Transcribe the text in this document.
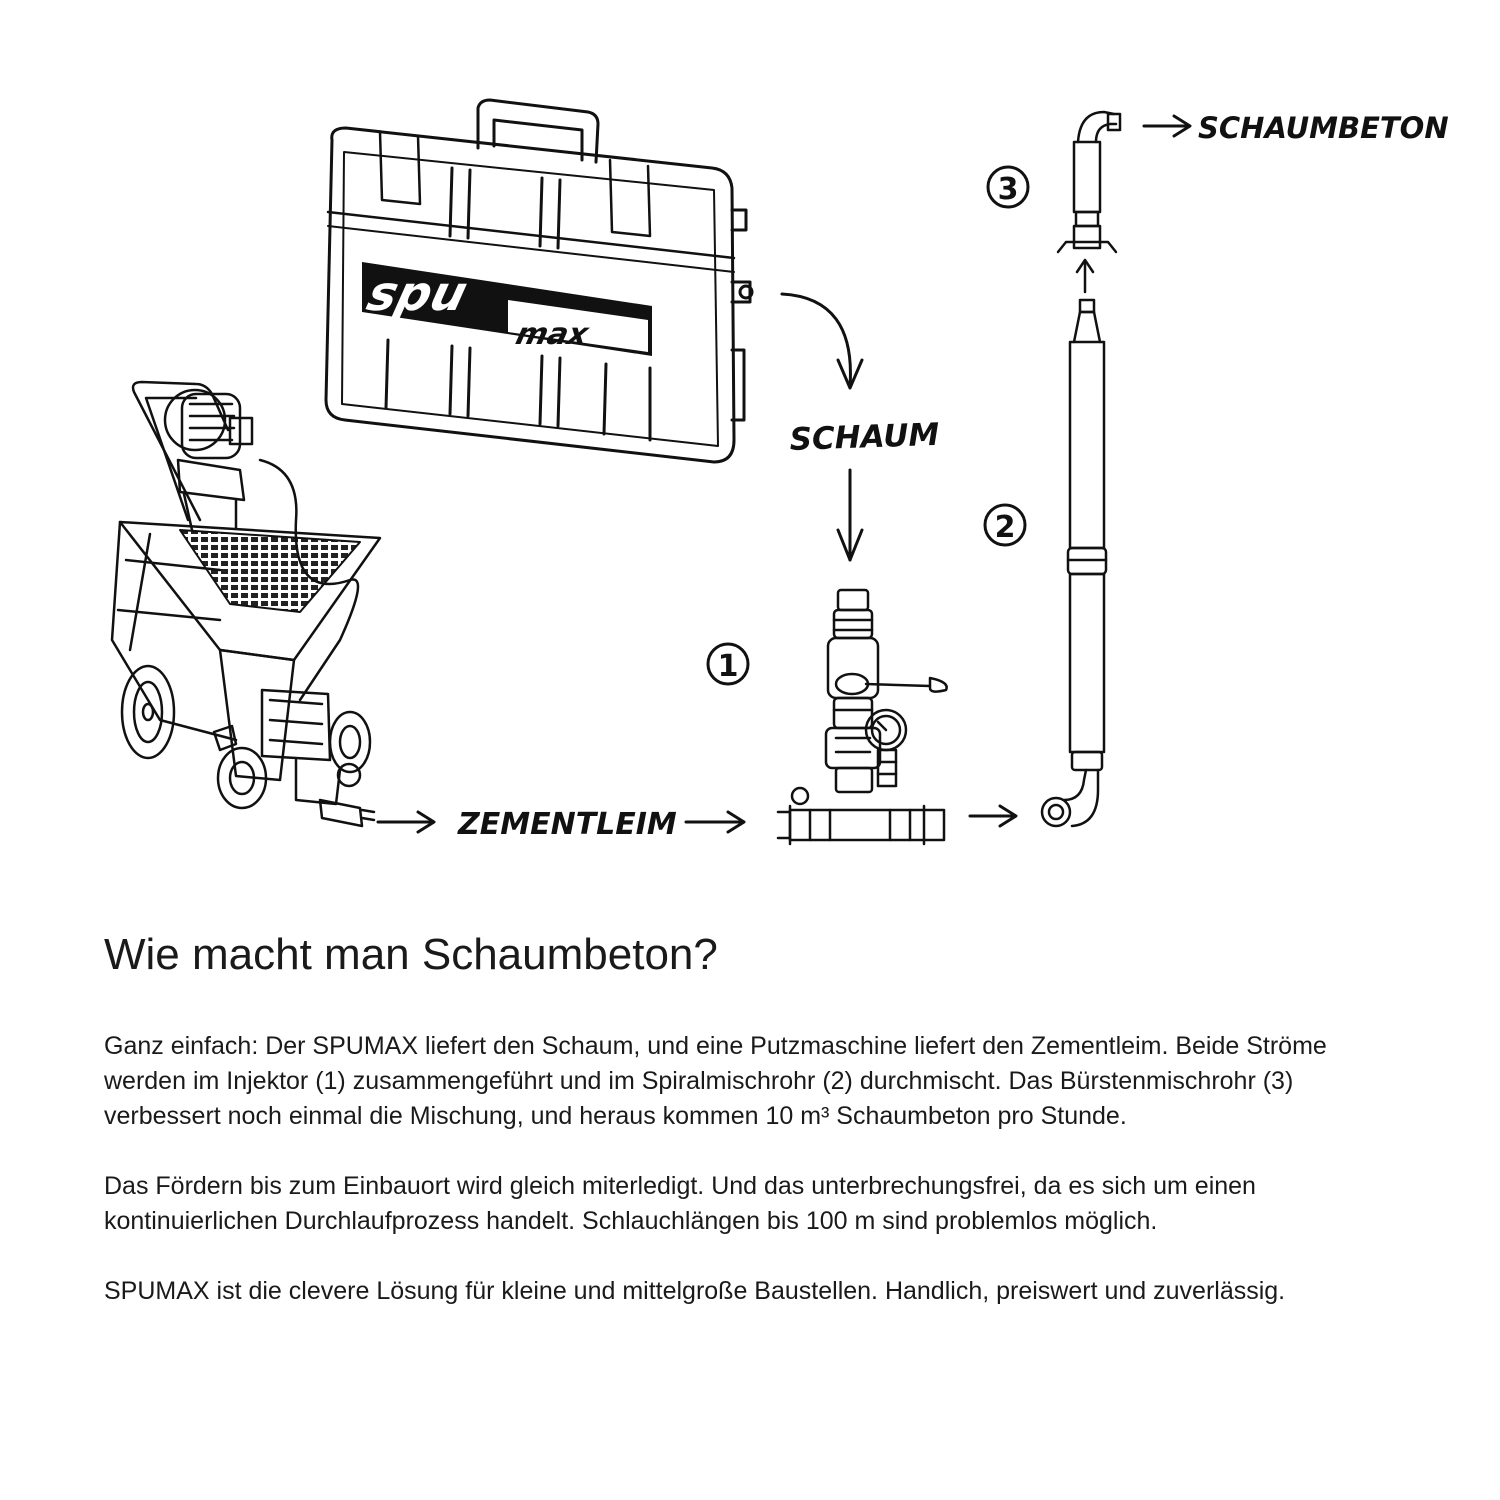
spu
max
SCHAUM
ZEMENTLEIM
SCHAUMBETON
1
2
3
Wie macht man Schaumbeton?

Ganz einfach: Der SPUMAX liefert den Schaum, und eine Putzmaschine liefert den Zementleim. Beide Ströme werden im Injektor (1) zusammengeführt und im Spiralmischrohr (2) durchmischt. Das Bürstenmischrohr (3) verbessert noch einmal die Mischung, und heraus kommen 10 m³ Schaumbeton pro Stunde.

Das Fördern bis zum Einbauort wird gleich miterledigt. Und das unterbrechungsfrei, da es sich um einen kontinuierlichen Durchlaufprozess handelt. Schlauchlängen bis 100 m sind problemlos möglich.

SPUMAX ist die clevere Lösung für kleine und mittelgroße Baustellen. Handlich, preiswert und zuverlässig.
